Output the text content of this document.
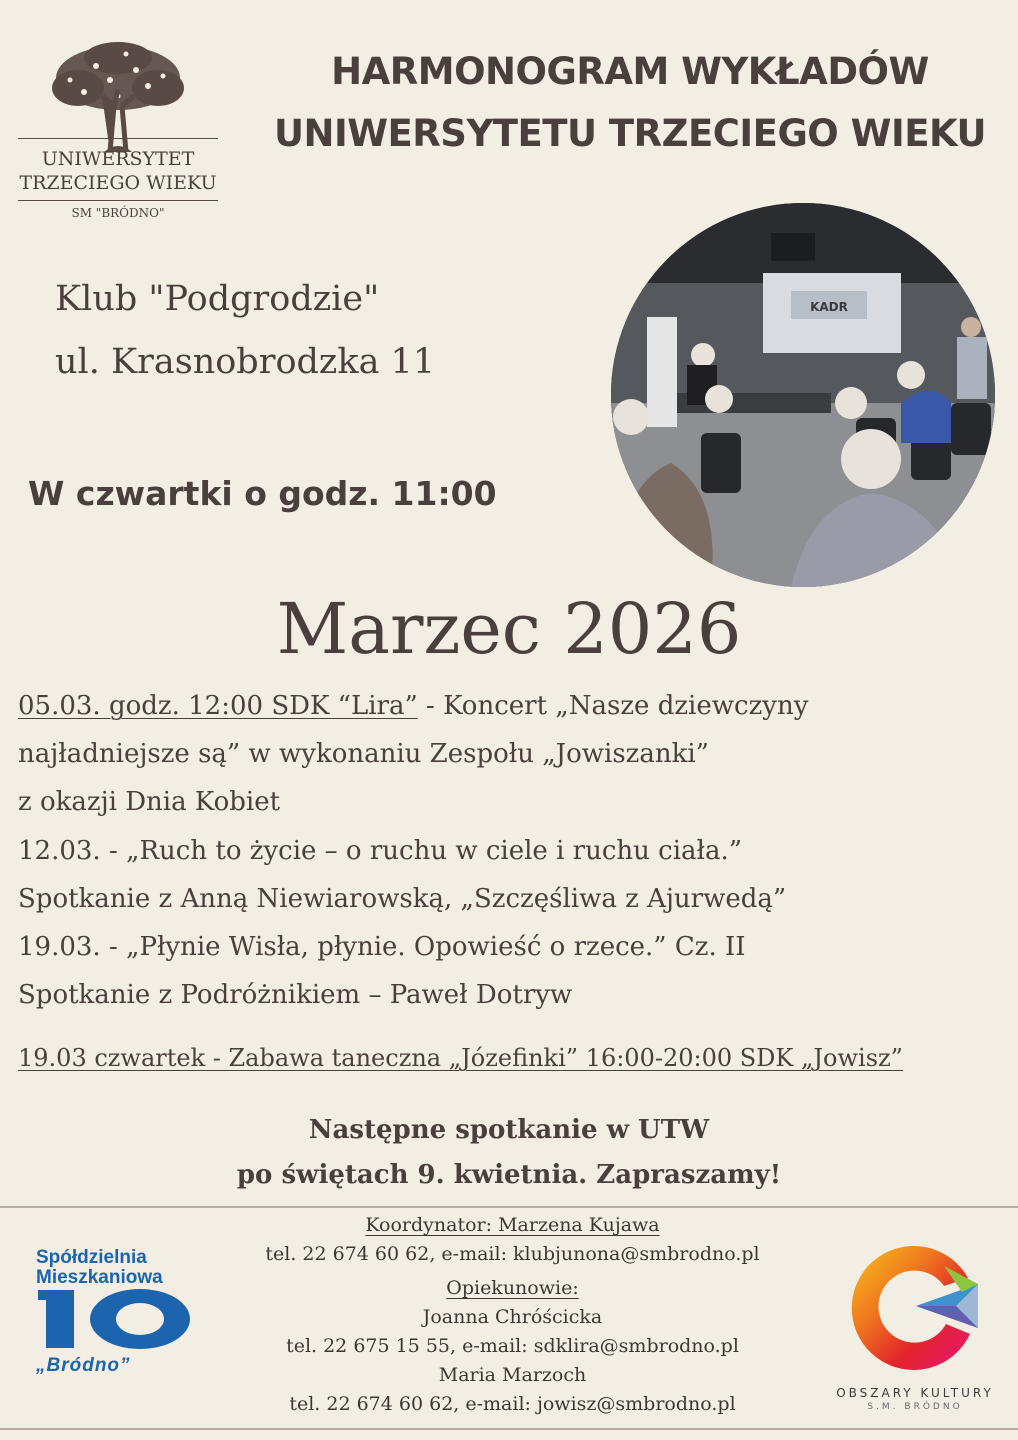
UNIWERSYTET
TRZECIEGO WIEKU
SM "BRÓDNO"
HARMONOGRAM WYKŁADÓW
UNIWERSYTETU TRZECIEGO WIEKU
Klub "Podgrodzie"
ul. Krasnobrodzka 11
W czwartki o godz. 11:00
KADR
Marzec 2026
05.03. godz. 12:00 SDK “Lira” - Koncert „Nasze dziewczyny
najładniejsze są” w wykonaniu Zespołu „Jowiszanki”
z okazji Dnia Kobiet
12.03. - „Ruch to życie – o ruchu w ciele i ruchu ciała.”
Spotkanie z Anną Niewiarowską, „Szczęśliwa z Ajurwedą”
19.03. - „Płynie Wisła, płynie. Opowieść o rzece.” Cz. II
Spotkanie z Podróżnikiem – Paweł Dotryw
19.03 czwartek - Zabawa taneczna „Józefinki” 16:00-20:00 SDK „Jowisz”
Następne spotkanie w UTW
po świętach 9. kwietnia. Zapraszamy!
Koordynator: Marzena Kujawa
tel. 22 674 60 62, e-mail: klubjunona@smbrodno.pl
Opiekunowie:
Joanna Chróścicka
tel. 22 675 15 55, e-mail: sdklira@smbrodno.pl
Maria Marzoch
tel. 22 674 60 62, e-mail: jowisz@smbrodno.pl
Spółdzielnia
Mieszkaniowa
„Bródno”
OBSZARY KULTURY
S.M. BRÓDNO
